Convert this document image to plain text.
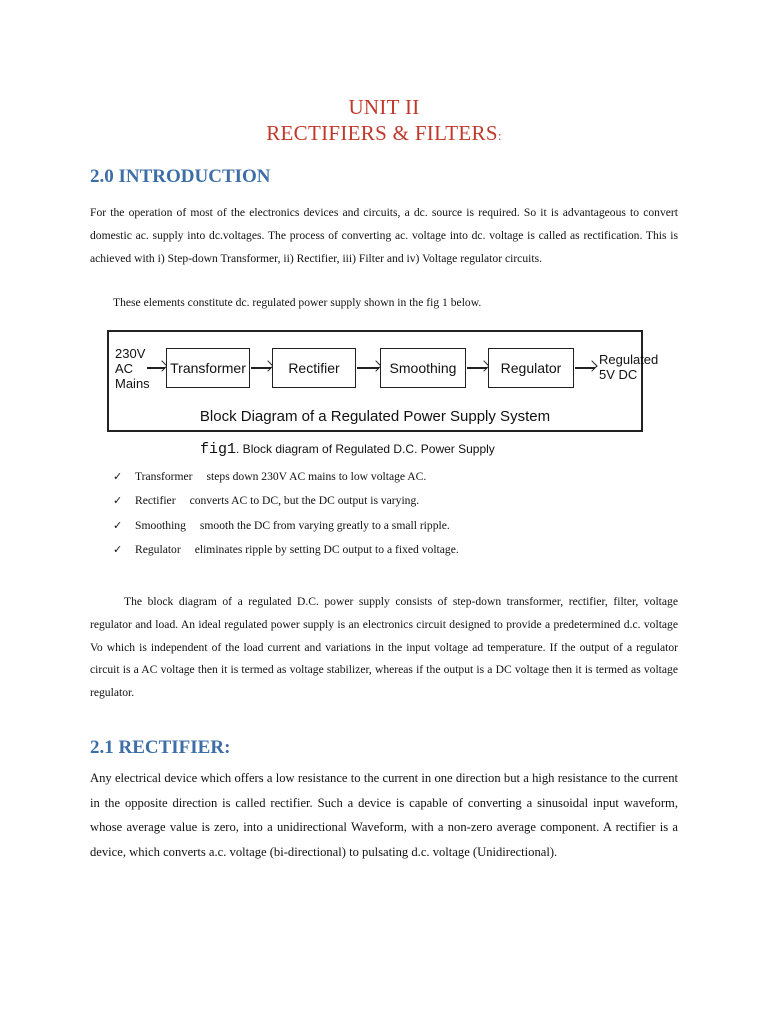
UNIT II
RECTIFIERS & FILTERS:
2.0 INTRODUCTION
For the operation of most of the electronics devices and circuits, a dc. source is required. So it is advantageous to convert domestic ac. supply into dc.voltages. The process of converting ac. voltage into dc. voltage is called as rectification. This is achieved with i) Step-down Transformer, ii) Rectifier, iii) Filter and iv) Voltage regulator circuits.
These elements constitute dc. regulated power supply shown in the fig 1 below.
230V
AC
Mains
Transformer	Rectifier	Smoothing	Regulator
Regulated
5V DC
Block Diagram of a Regulated Power Supply System
fig1. Block diagram of Regulated D.C. Power Supply
✓	Transformer steps down 230V AC mains to low voltage AC.
✓	Rectifier converts AC to DC, but the DC output is varying.
✓	Smoothing smooth the DC from varying greatly to a small ripple.
✓	Regulator eliminates ripple by setting DC output to a fixed voltage.
The block diagram of a regulated D.C. power supply consists of step-down transformer, rectifier, filter, voltage regulator and load. An ideal regulated power supply is an electronics circuit designed to provide a predetermined d.c. voltage Vo which is independent of the load current and variations in the input voltage ad temperature. If the output of a regulator circuit is a AC voltage then it is termed as voltage stabilizer, whereas if the output is a DC voltage then it is termed as voltage regulator.
2.1 RECTIFIER:
Any electrical device which offers a low resistance to the current in one direction but a high resistance to the current in the opposite direction is called rectifier. Such a device is capable of converting a sinusoidal input waveform, whose average value is zero, into a unidirectional Waveform, with a non-zero average component. A rectifier is a device, which converts a.c. voltage (bi-directional) to pulsating d.c. voltage (Unidirectional).
